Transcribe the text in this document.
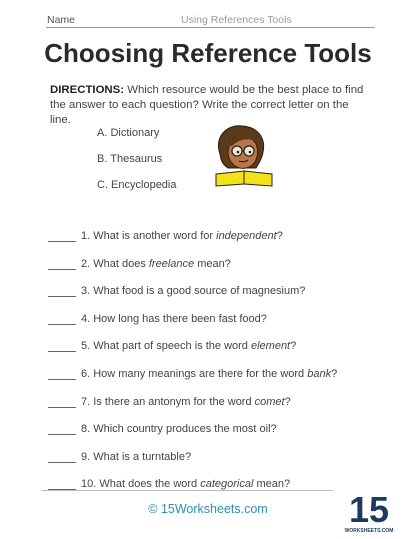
Name	Using References Tools
Choosing Reference Tools
DIRECTIONS: Which resource would be the best place to find the answer to each question? Write the correct letter on the line.
A. Dictionary
B. Thesaurus
C. Encyclopedia
1. What is another word for independent?
2. What does freelance mean?
3. What food is a good source of magnesium?
4. How long has there been fast food?
5. What part of speech is the word element?
6. How many meanings are there for the word bank?
7. Is there an antonym for the word comet?
8. Which country produces the most oil?
9. What is a turntable?
10. What does the word categorical mean?
© 15Worksheets.com	15
WORKSHEETS.COM
